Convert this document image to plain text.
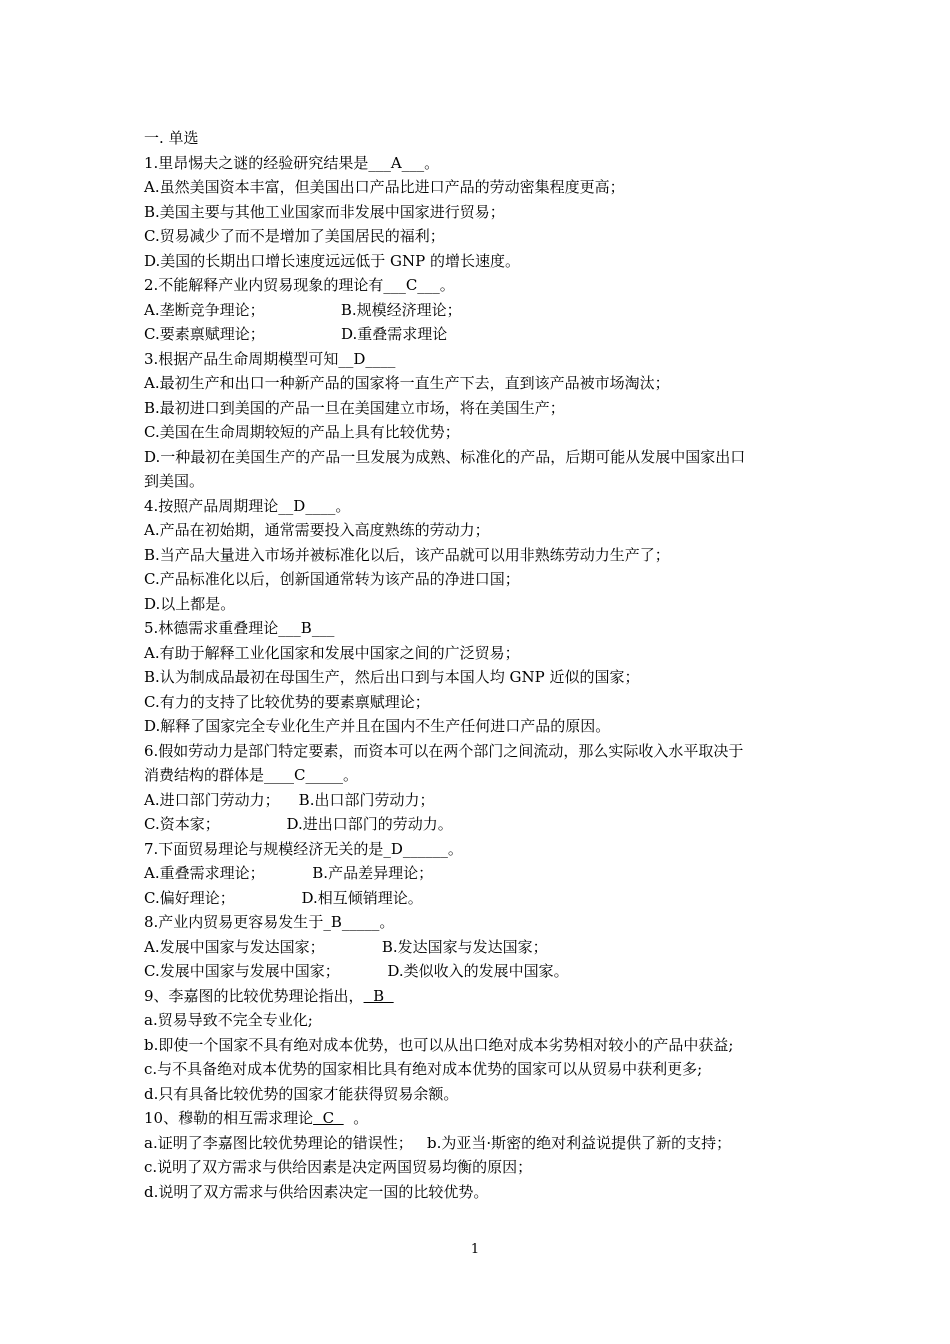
一. 单选
1.里昂惕夫之谜的经验研究结果是___A___。
A.虽然美国资本丰富，但美国出口产品比进口产品的劳动密集程度更高；
B.美国主要与其他工业国家而非发展中国家进行贸易；
C.贸易减少了而不是增加了美国居民的福利；
D.美国的长期出口增长速度远远低于 GNP 的增长速度。
2.不能解释产业内贸易现象的理论有___C___。
A.垄断竞争理论；                B.规模经济理论；
C.要素禀赋理论；                D.重叠需求理论
3.根据产品生命周期模型可知__D____
A.最初生产和出口一种新产品的国家将一直生产下去，直到该产品被市场淘汰；
B.最初进口到美国的产品一旦在美国建立市场，将在美国生产；
C.美国在生命周期较短的产品上具有比较优势；
D.一种最初在美国生产的产品一旦发展为成熟、标准化的产品，后期可能从发展中国家出口
到美国。
4.按照产品周期理论__D____。
A.产品在初始期，通常需要投入高度熟练的劳动力；
B.当产品大量进入市场并被标准化以后，该产品就可以用非熟练劳动力生产了；
C.产品标准化以后，创新国通常转为该产品的净进口国；
D.以上都是。
5.林德需求重叠理论___B___
A.有助于解释工业化国家和发展中国家之间的广泛贸易；
B.认为制成品最初在母国生产，然后出口到与本国人均 GNP 近似的国家；
C.有力的支持了比较优势的要素禀赋理论；
D.解释了国家完全专业化生产并且在国内不生产任何进口产品的原因。
6.假如劳动力是部门特定要素，而资本可以在两个部门之间流动，那么实际收入水平取决于
消费结构的群体是____C_____。
A.进口部门劳动力；    B.出口部门劳动力；
C.资本家；              D.进出口部门的劳动力。
7.下面贸易理论与规模经济无关的是_D______。
A.重叠需求理论；          B.产品差异理论；
C.偏好理论；              D.相互倾销理论。
8.产业内贸易更容易发生于_B_____。
A.发展中国家与发达国家；            B.发达国家与发达国家；
C.发展中国家与发展中国家；          D.类似收入的发展中国家。
9、李嘉图的比较优势理论指出，  B
a.贸易导致不完全专业化;
b.即使一个国家不具有绝对成本优势，也可以从出口绝对成本劣势相对较小的产品中获益;
c.与不具备绝对成本优势的国家相比具有绝对成本优势的国家可以从贸易中获利更多;
d.只有具备比较优势的国家才能获得贸易余额。
10、穆勒的相互需求理论  C    。
a.证明了李嘉图比较优势理论的错误性；   b.为亚当·斯密的绝对利益说提供了新的支持；
c.说明了双方需求与供给因素是决定两国贸易均衡的原因；
d.说明了双方需求与供给因素决定一国的比较优势。
1
